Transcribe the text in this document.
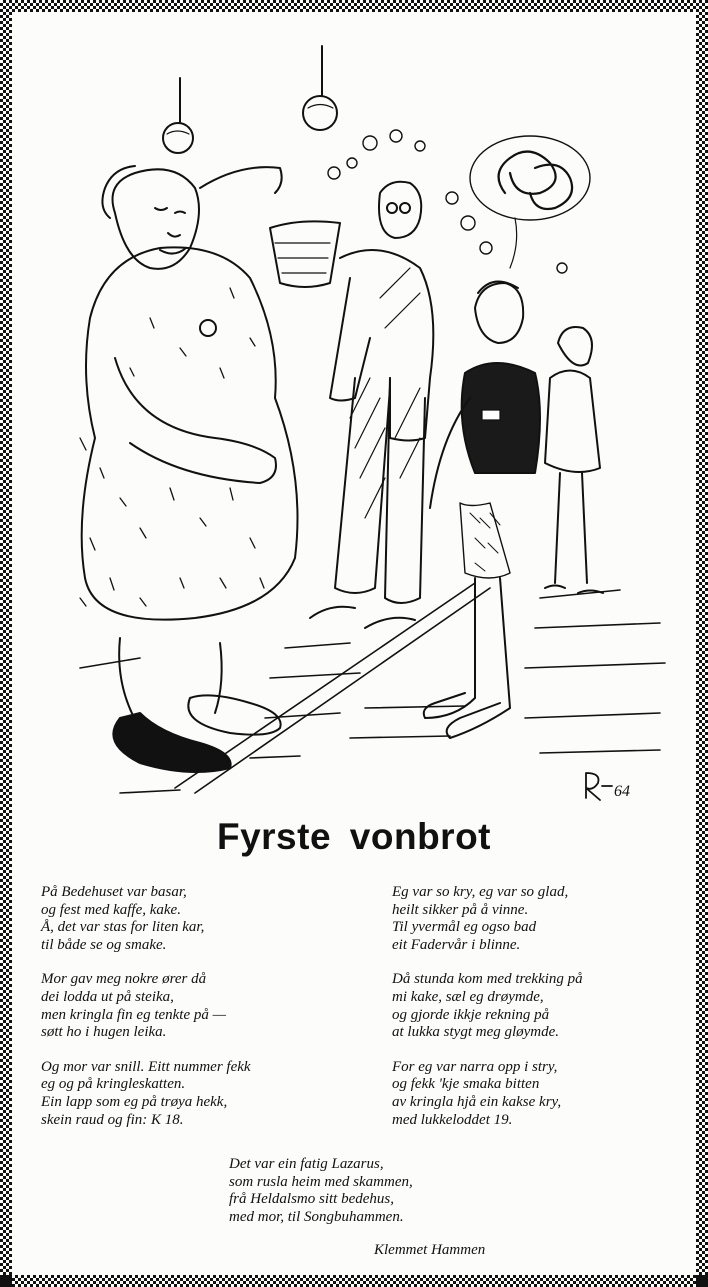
64
Fyrste vonbrot
På Bedehuset var basar,
og fest med kaffe, kake.
Å, det var stas for liten kar,
til både se og smake.
Mor gav meg nokre ører då
dei lodda ut på steika,
men kringla fin eg tenkte på —
søtt ho i hugen leika.
Og mor var snill. Eitt nummer fekk
eg og på kringleskatten.
Ein lapp som eg på trøya hekk,
skein raud og fin: K 18.
Eg var so kry, eg var so glad,
heilt sikker på å vinne.
Til yvermål eg ogso bad
eit Fadervår i blinne.
Då stunda kom med trekking på
mi kake, sæl eg drøymde,
og gjorde ikkje rekning på
at lukka stygt meg gløymde.
For eg var narra opp i stry,
og fekk 'kje smaka bitten
av kringla hjå ein kakse kry,
med lukkeloddet 19.
Det var ein fatig Lazarus,
som rusla heim med skammen,
frå Heldalsmo sitt bedehus,
med mor, til Songbuhammen.
Klemmet Hammen
